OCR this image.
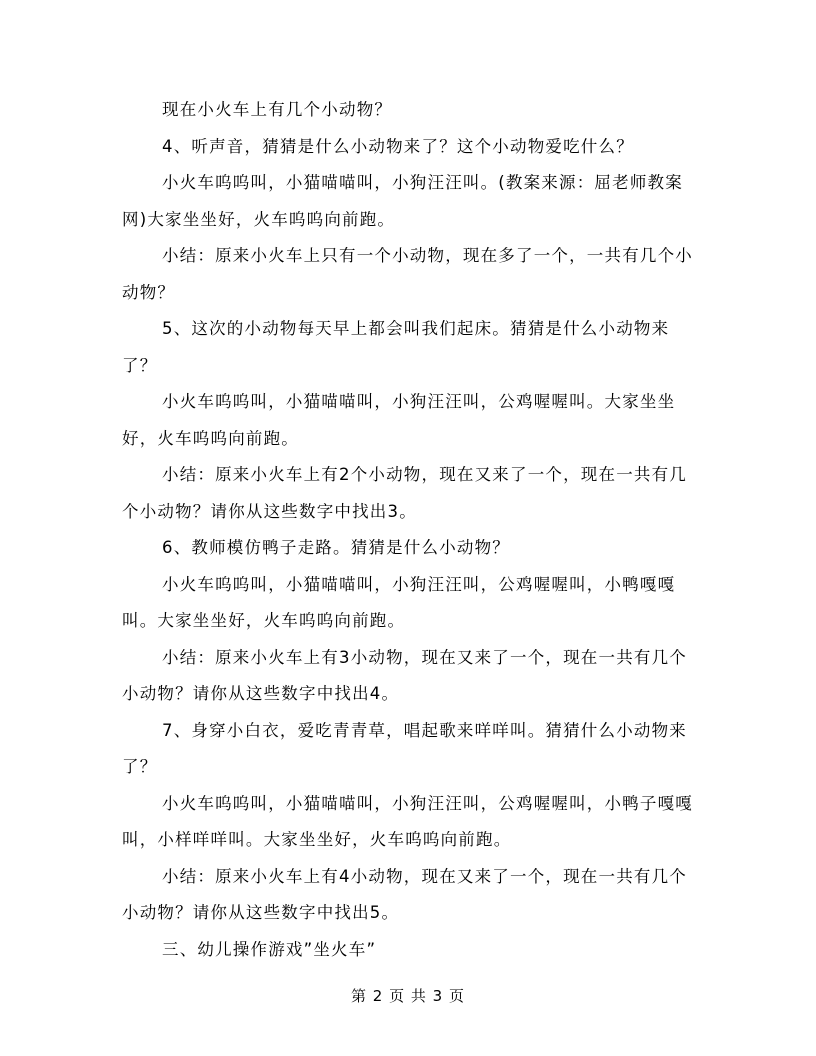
现在小火车上有几个小动物？

4、听声音，猜猜是什么小动物来了？这个小动物爱吃什么？

小火车呜呜叫，小猫喵喵叫，小狗汪汪叫。(教案来源：屈老师教案网)大家坐坐好，火车呜呜向前跑。

小结：原来小火车上只有一个小动物，现在多了一个，一共有几个小动物？

5、这次的小动物每天早上都会叫我们起床。猜猜是什么小动物来了？

小火车呜呜叫，小猫喵喵叫，小狗汪汪叫，公鸡喔喔叫。大家坐坐好，火车呜呜向前跑。

小结：原来小火车上有2个小动物，现在又来了一个，现在一共有几个小动物？请你从这些数字中找出3。

6、教师模仿鸭子走路。猜猜是什么小动物？

小火车呜呜叫，小猫喵喵叫，小狗汪汪叫，公鸡喔喔叫，小鸭嘎嘎叫。大家坐坐好，火车呜呜向前跑。

小结：原来小火车上有3小动物，现在又来了一个，现在一共有几个小动物？请你从这些数字中找出4。

7、身穿小白衣，爱吃青青草，唱起歌来咩咩叫。猜猜什么小动物来了？

小火车呜呜叫，小猫喵喵叫，小狗汪汪叫，公鸡喔喔叫，小鸭子嘎嘎叫，小样咩咩叫。大家坐坐好，火车呜呜向前跑。

小结：原来小火车上有4小动物，现在又来了一个，现在一共有几个小动物？请你从这些数字中找出5。

三、幼儿操作游戏”坐火车”

第 2 页 共 3 页
